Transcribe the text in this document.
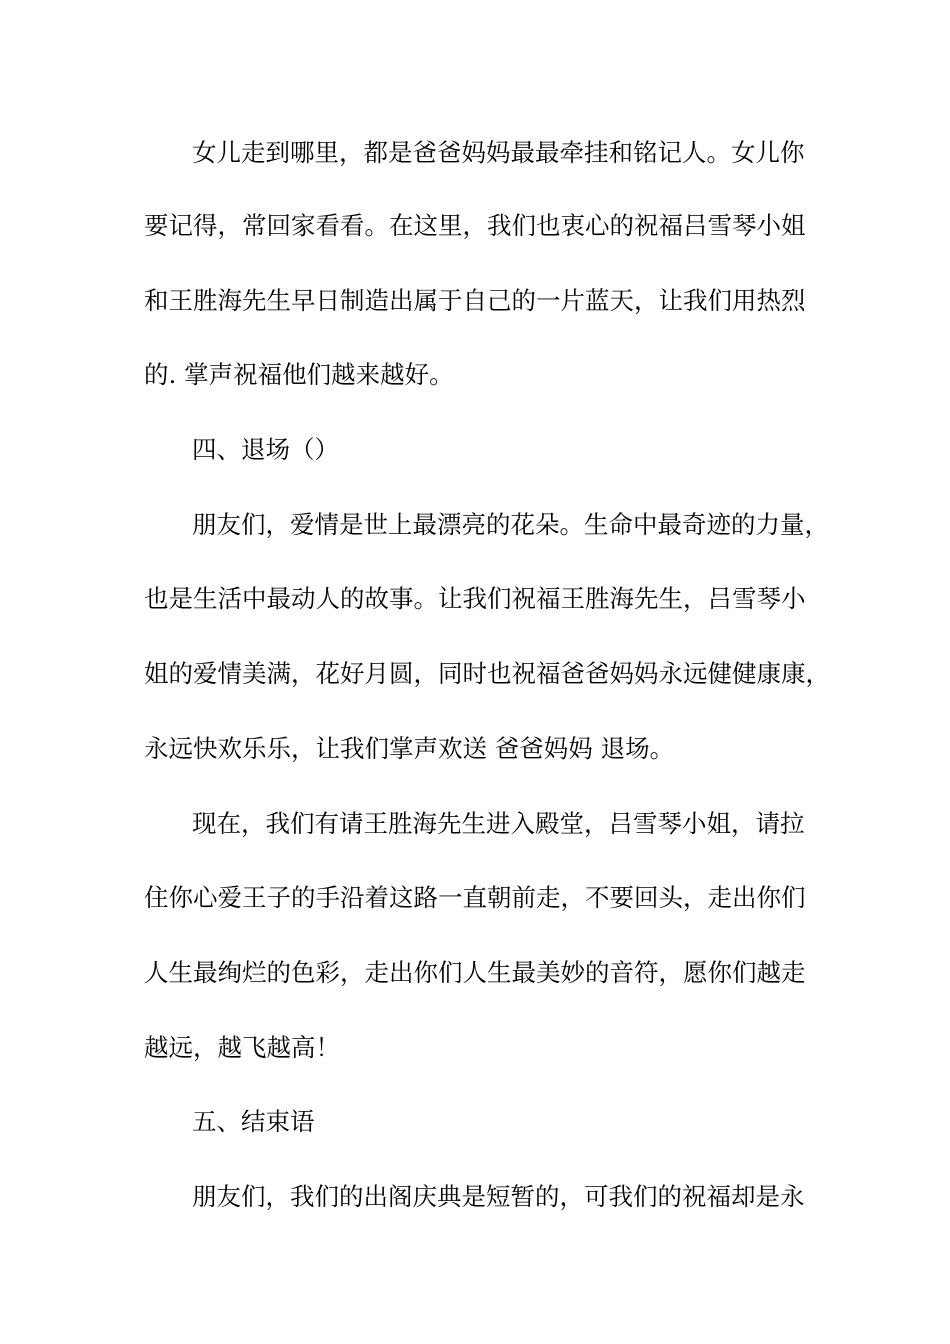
女儿走到哪里，都是爸爸妈妈最最牵挂和铭记人。女儿你
要记得，常回家看看。在这里，我们也衷心的祝福吕雪琴小姐
和王胜海先生早日制造出属于自己的一片蓝天，让我们用热烈
的. 掌声祝福他们越来越好。
四、退场（）
朋友们，爱情是世上最漂亮的花朵。生命中最奇迹的力量，
也是生活中最动人的故事。让我们祝福王胜海先生，吕雪琴小
姐的爱情美满，花好月圆，同时也祝福爸爸妈妈永远健健康康，
永远快欢乐乐，让我们掌声欢送 爸爸妈妈 退场。
现在，我们有请王胜海先生进入殿堂，吕雪琴小姐，请拉
住你心爱王子的手沿着这路一直朝前走，不要回头，走出你们
人生最绚烂的色彩，走出你们人生最美妙的音符，愿你们越走
越远，越飞越高！
五、结束语
朋友们，我们的出阁庆典是短暂的，可我们的祝福却是永
